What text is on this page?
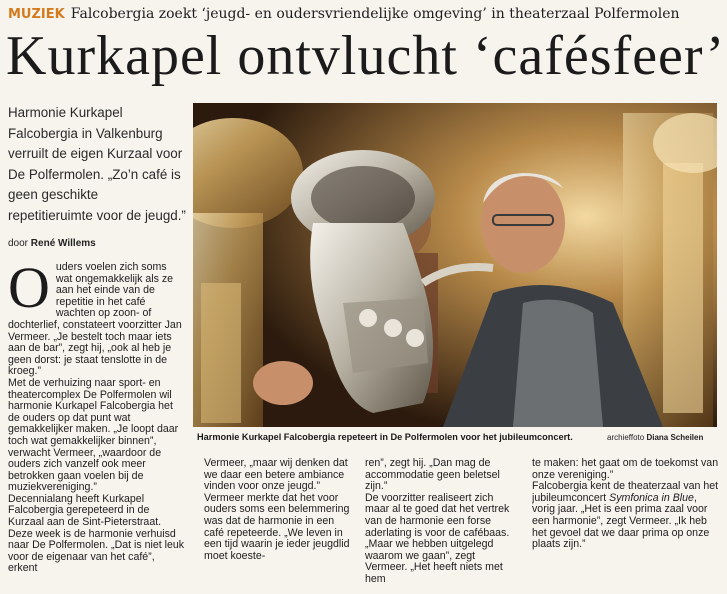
MUZIEK Falcobergia zoekt ‘jeugd- en oudersvriendelijke omgeving’ in theaterzaal Polfermolen
Kurkapel ontvlucht ‘cafésfeer’
Harmonie Kurkapel Falcobergia in Valkenburg verruilt de eigen Kurzaal voor De Polfermolen. „Zo’n café is geen geschikte repetitieruimte voor de jeugd.”
door René Willems
Harmonie Kurkapel Falcobergia repeteert in De Polfermolen voor het jubileumconcert.	archieffoto Diana Scheilen

Ouders voelen zich soms wat ongemakkelijk als ze aan het einde van de repetitie in het café wachten op zoon- of dochterlief, constateert voorzitter Jan Vermeer. „Je bestelt toch maar iets aan de bar”, zegt hij, „ook al heb je geen dorst: je staat tenslotte in de kroeg.”

Met de verhuizing naar sport- en theatercomplex De Polfermolen wil harmonie Kurkapel Falcobergia het de ouders op dat punt wat gemakkelijker maken. „Je loopt daar toch wat gemakkelijker binnen”, verwacht Vermeer, „waardoor de ouders zich vanzelf ook meer betrokken gaan voelen bij de muziekvereniging.”

Decennialang heeft Kurkapel Falcobergia gerepeteerd in de Kurzaal aan de Sint-Pieterstraat. Deze week is de harmonie verhuisd naar De Polfermolen. „Dat is niet leuk voor de eigenaar van het café”, erkent

Vermeer, „maar wij denken dat we daar een betere ambiance vinden voor onze jeugd.”

Vermeer merkte dat het voor ouders soms een belemmering was dat de harmonie in een café repeteerde. „We leven in een tijd waarin je ieder jeugdlid moet koeste-

ren”, zegt hij. „Dan mag de accommodatie geen beletsel zijn.”

De voorzitter realiseert zich maar al te goed dat het vertrek van de harmonie een forse aderlating is voor de cafébaas. „Maar we hebben uitgelegd waarom we gaan”, zegt Vermeer. „Het heeft niets met hem

te maken: het gaat om de toekomst van onze vereniging.”

Falcobergia kent de theaterzaal van het jubileumconcert Symfonica in Blue, vorig jaar. „Het is een prima zaal voor een harmonie”, zegt Vermeer. „Ik heb het gevoel dat we daar prima op onze plaats zijn.”
